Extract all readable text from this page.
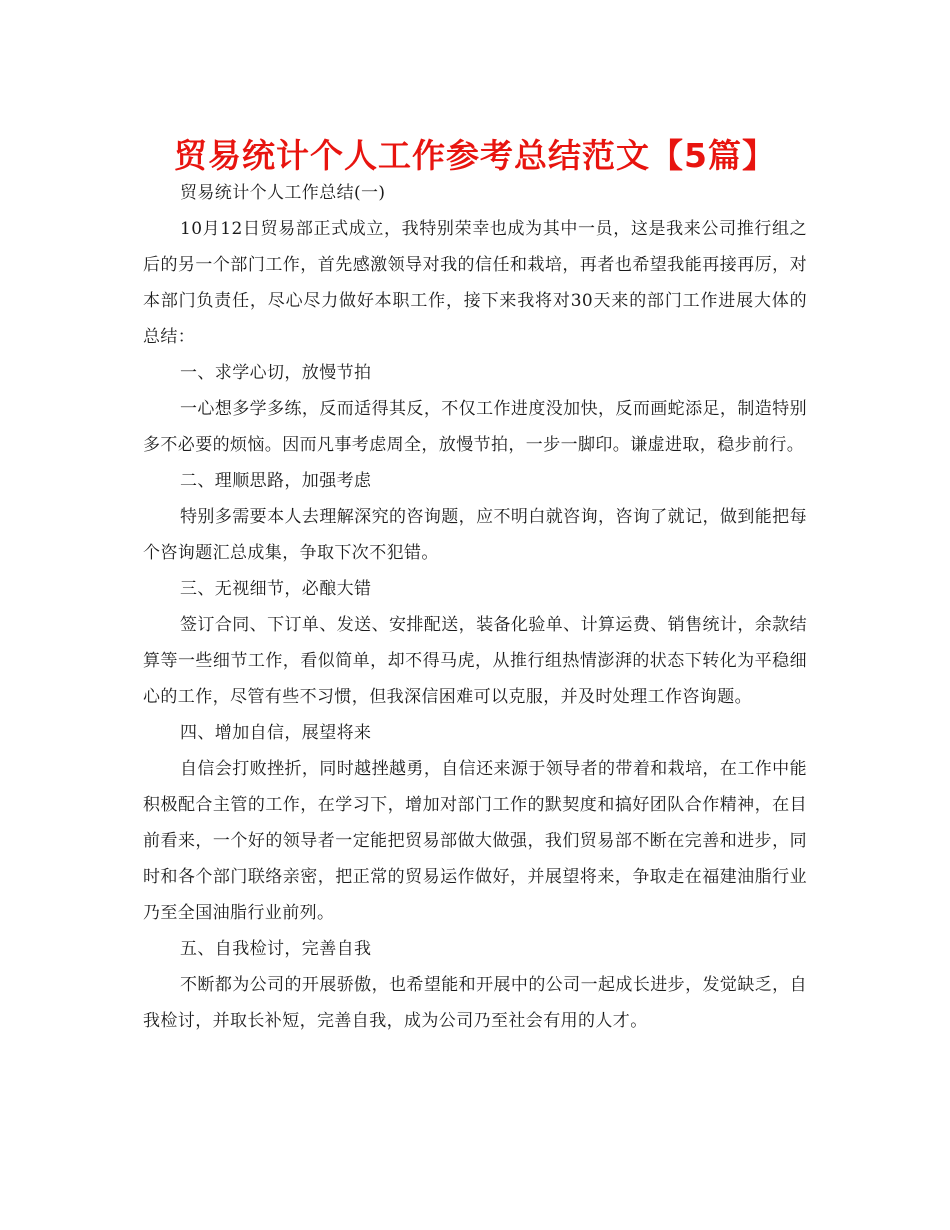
贸易统计个人工作参考总结范文【5篇】

贸易统计个人工作总结(一)

10月12日贸易部正式成立，我特别荣幸也成为其中一员，这是我来公司推行组之后的另一个部门工作，首先感激领导对我的信任和栽培，再者也希望我能再接再厉，对本部门负责任，尽心尽力做好本职工作，接下来我将对30天来的部门工作进展大体的总结：

一、求学心切，放慢节拍

一心想多学多练，反而适得其反，不仅工作进度没加快，反而画蛇添足，制造特别多不必要的烦恼。因而凡事考虑周全，放慢节拍，一步一脚印。谦虚进取，稳步前行。

二、理顺思路，加强考虑

特别多需要本人去理解深究的咨询题，应不明白就咨询，咨询了就记，做到能把每个咨询题汇总成集，争取下次不犯错。

三、无视细节，必酿大错

签订合同、下订单、发送、安排配送，装备化验单、计算运费、销售统计，余款结算等一些细节工作，看似简单，却不得马虎，从推行组热情澎湃的状态下转化为平稳细心的工作，尽管有些不习惯，但我深信困难可以克服，并及时处理工作咨询题。

四、增加自信，展望将来

自信会打败挫折，同时越挫越勇，自信还来源于领导者的带着和栽培，在工作中能积极配合主管的工作，在学习下，增加对部门工作的默契度和搞好团队合作精神，在目前看来，一个好的领导者一定能把贸易部做大做强，我们贸易部不断在完善和进步，同时和各个部门联络亲密，把正常的贸易运作做好，并展望将来，争取走在福建油脂行业乃至全国油脂行业前列。

五、自我检讨，完善自我

不断都为公司的开展骄傲，也希望能和开展中的公司一起成长进步，发觉缺乏，自我检讨，并取长补短，完善自我，成为公司乃至社会有用的人才。
